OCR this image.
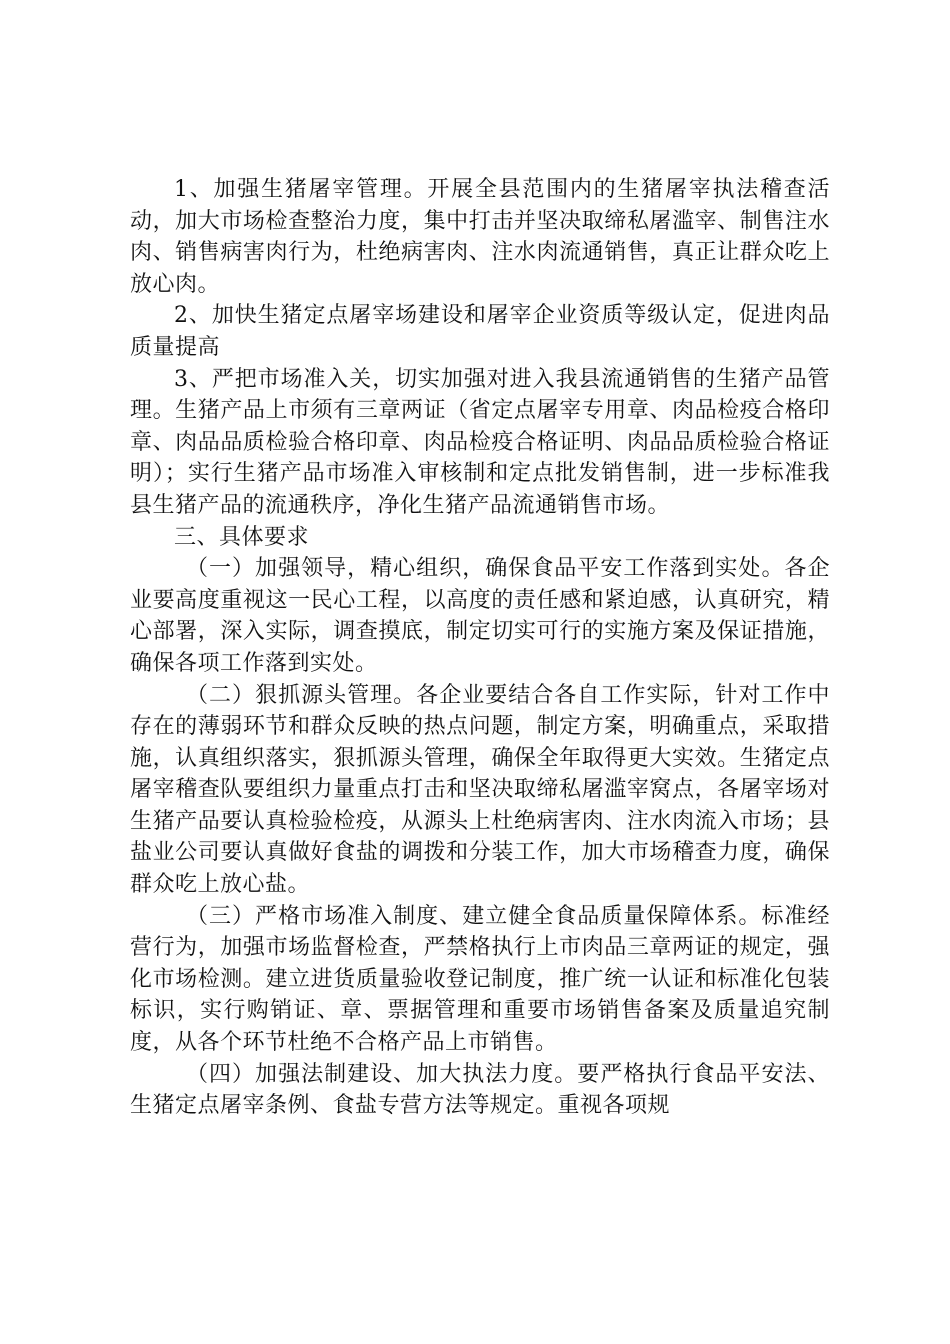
1、加强生猪屠宰管理。开展全县范围内的生猪屠宰执法稽查活动，加大市场检查整治力度，集中打击并坚决取缔私屠滥宰、制售注水肉、销售病害肉行为，杜绝病害肉、注水肉流通销售，真正让群众吃上放心肉。

2、加快生猪定点屠宰场建设和屠宰企业资质等级认定，促进肉品质量提高

3、严把市场准入关，切实加强对进入我县流通销售的生猪产品管理。生猪产品上市须有三章两证（省定点屠宰专用章、肉品检疫合格印章、肉品品质检验合格印章、肉品检疫合格证明、肉品品质检验合格证明）；实行生猪产品市场准入审核制和定点批发销售制，进一步标准我县生猪产品的流通秩序，净化生猪产品流通销售市场。

三、具体要求

（一）加强领导，精心组织，确保食品平安工作落到实处。各企业要高度重视这一民心工程，以高度的责任感和紧迫感，认真研究，精心部署，深入实际，调查摸底，制定切实可行的实施方案及保证措施，确保各项工作落到实处。

（二）狠抓源头管理。各企业要结合各自工作实际，针对工作中存在的薄弱环节和群众反映的热点问题，制定方案，明确重点，采取措施，认真组织落实，狠抓源头管理，确保全年取得更大实效。生猪定点屠宰稽查队要组织力量重点打击和坚决取缔私屠滥宰窝点，各屠宰场对生猪产品要认真检验检疫，从源头上杜绝病害肉、注水肉流入市场；县盐业公司要认真做好食盐的调拨和分装工作，加大市场稽查力度，确保群众吃上放心盐。

（三）严格市场准入制度、建立健全食品质量保障体系。标准经营行为，加强市场监督检查，严禁格执行上市肉品三章两证的规定，强化市场检测。建立进货质量验收登记制度，推广统一认证和标准化包装标识，实行购销证、章、票据管理和重要市场销售备案及质量追究制度，从各个环节杜绝不合格产品上市销售。

（四）加强法制建设、加大执法力度。要严格执行食品平安法、生猪定点屠宰条例、食盐专营方法等规定。重视各项规
